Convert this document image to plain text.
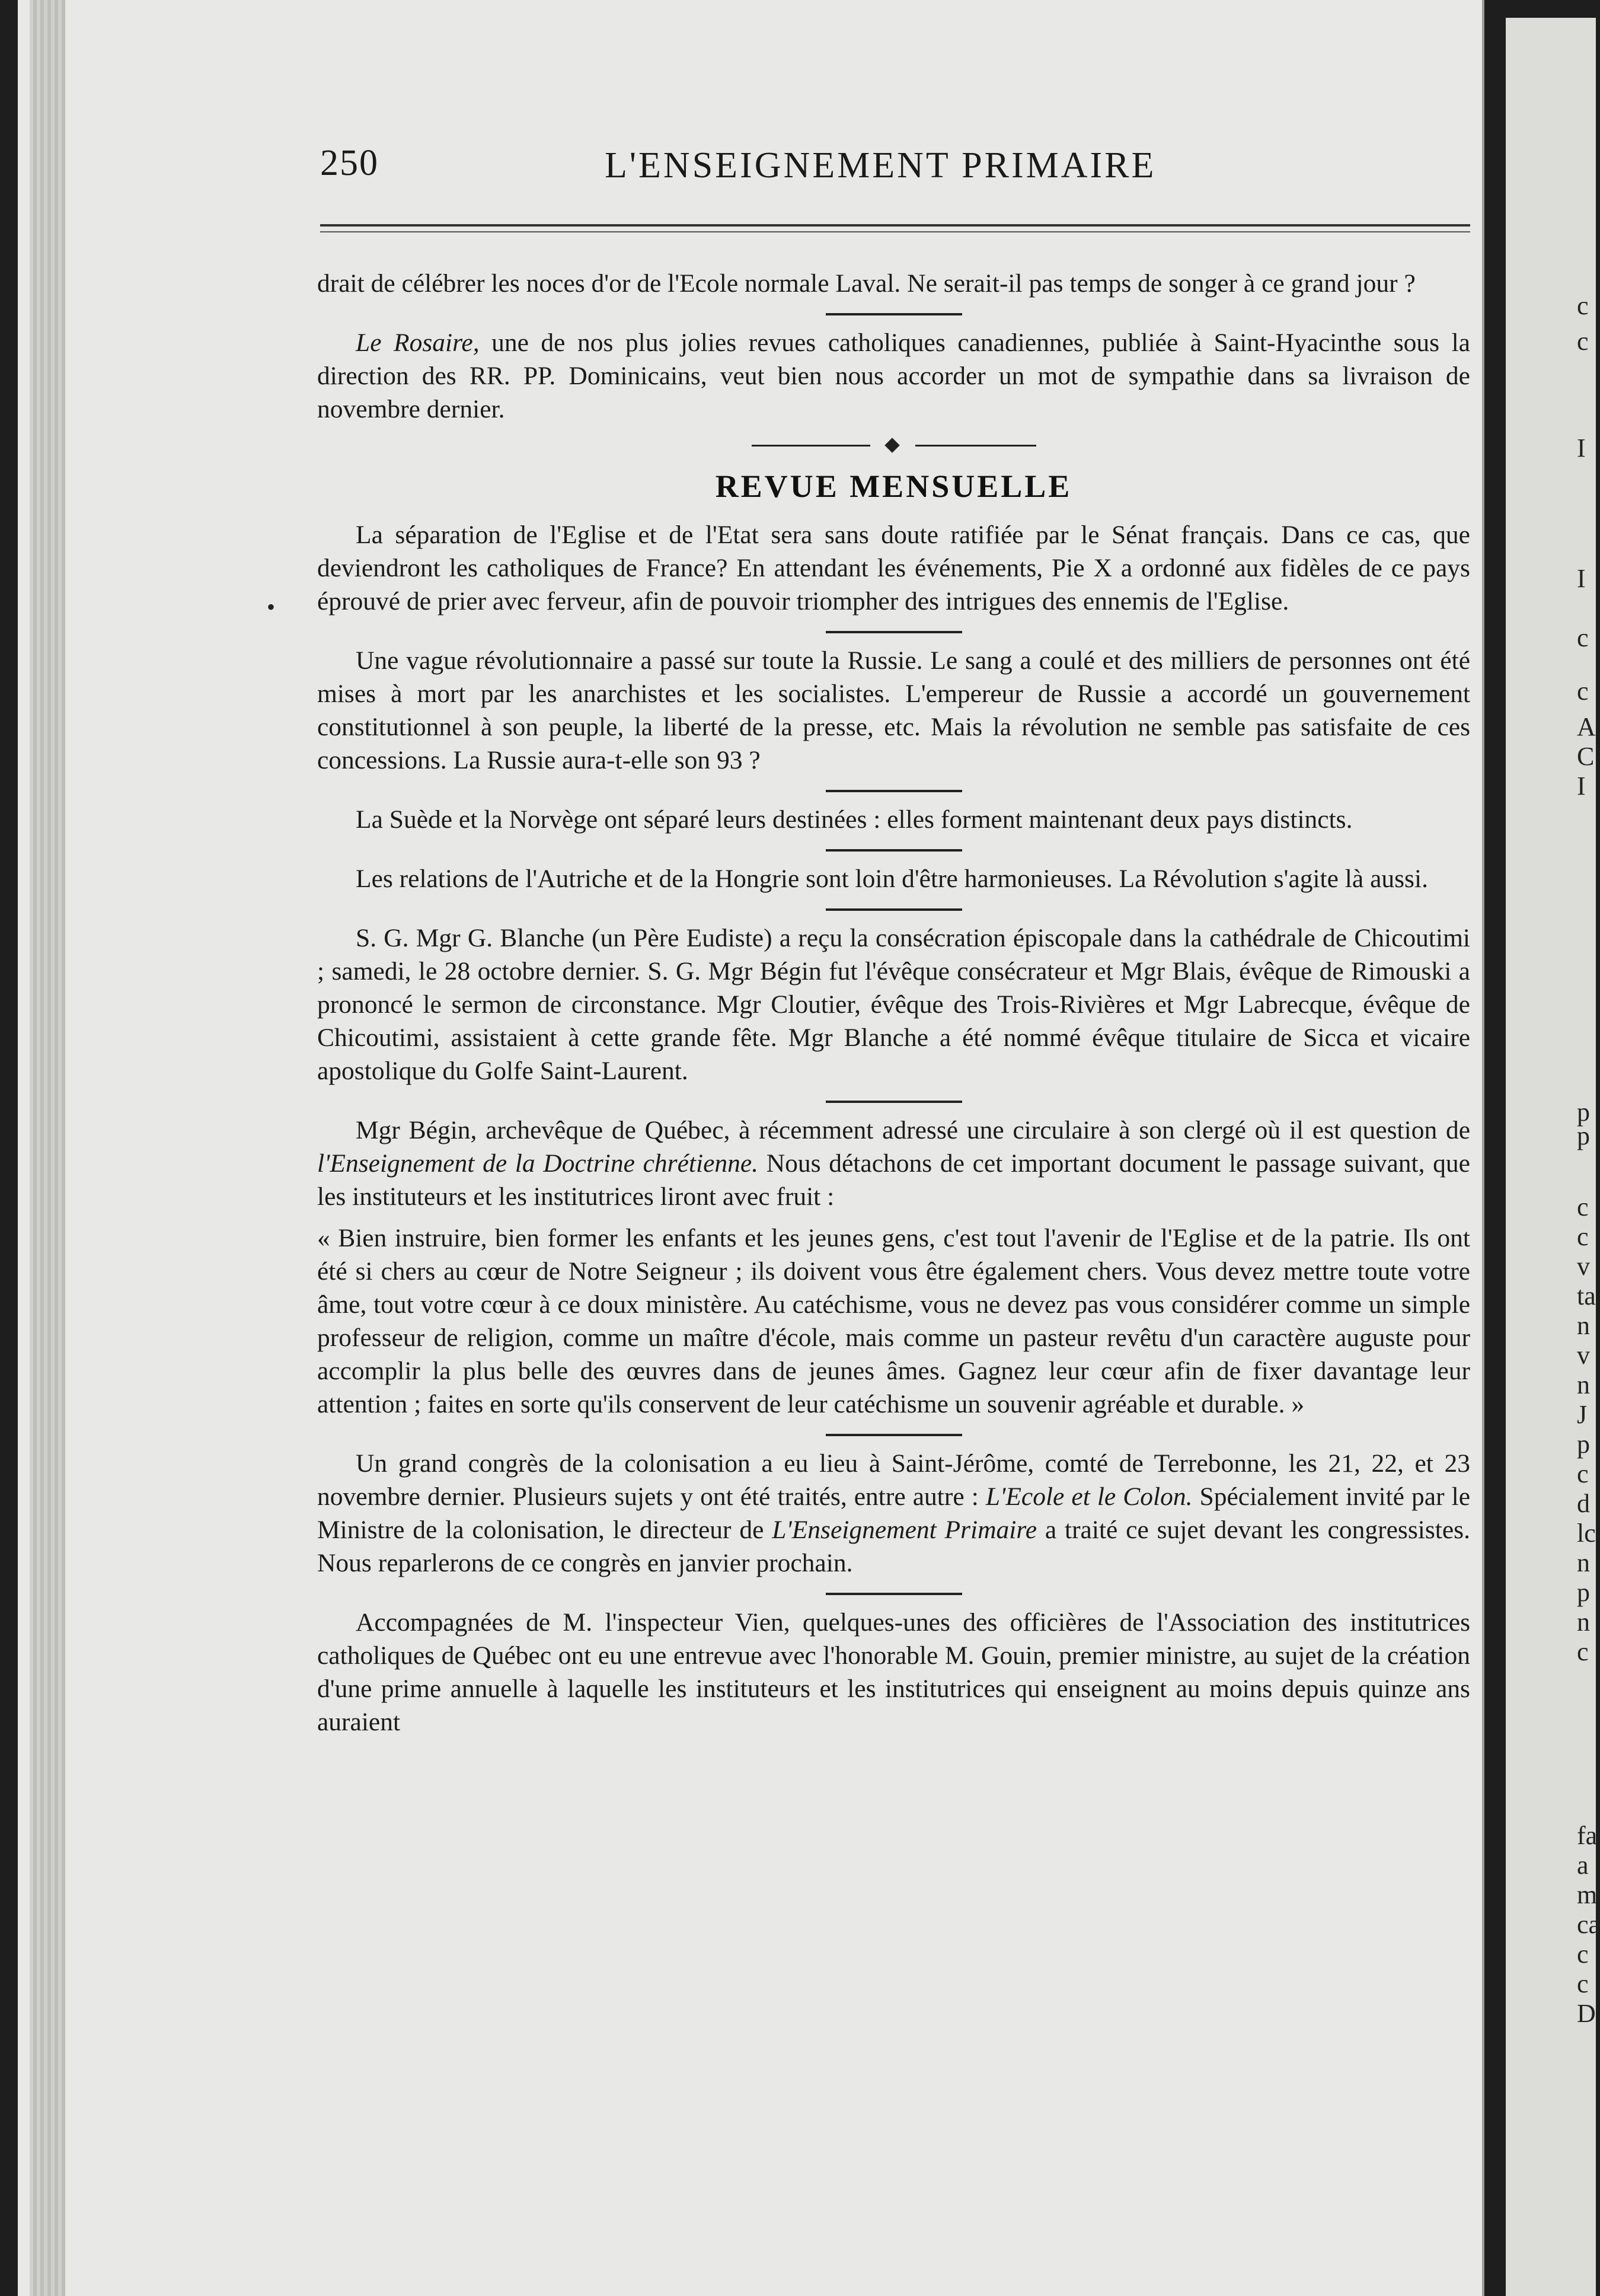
c
c
I
I
c
c
A
C
I
p
p
c
c
v
ta
n
v
n
J
p
c
d
lc
n
p
n
c
fa
a
m
ca
c
c
D
250	L'ENSEIGNEMENT PRIMAIRE
•

drait de célébrer les noces d'or de l'Ecole normale Laval. Ne serait-il pas temps de songer à ce grand jour ?

Le Rosaire, une de nos plus jolies revues catholiques canadiennes, publiée à Saint-Hyacinthe sous la direction des RR. PP. Dominicains, veut bien nous accorder un mot de sympathie dans sa livraison de novembre dernier.

REVUE MENSUELLE

La séparation de l'Eglise et de l'Etat sera sans doute ratifiée par le Sénat français. Dans ce cas, que deviendront les catholiques de France? En attendant les événements, Pie X a ordonné aux fidèles de ce pays éprouvé de prier avec ferveur, afin de pouvoir triompher des intrigues des ennemis de l'Eglise.

Une vague révolutionnaire a passé sur toute la Russie. Le sang a coulé et des milliers de personnes ont été mises à mort par les anarchistes et les socialistes. L'empereur de Russie a accordé un gouvernement constitutionnel à son peuple, la liberté de la presse, etc. Mais la révolution ne semble pas satisfaite de ces concessions. La Russie aura-t-elle son 93 ?

La Suède et la Norvège ont séparé leurs destinées : elles forment maintenant deux pays distincts.

Les relations de l'Autriche et de la Hongrie sont loin d'être harmonieuses. La Révolution s'agite là aussi.

S. G. Mgr G. Blanche (un Père Eudiste) a reçu la consécration épiscopale dans la cathédrale de Chicoutimi ; samedi, le 28 octobre dernier. S. G. Mgr Bégin fut l'évêque consécrateur et Mgr Blais, évêque de Rimouski a prononcé le sermon de circonstance. Mgr Cloutier, évêque des Trois-Rivières et Mgr Labrecque, évêque de Chicoutimi, assistaient à cette grande fête. Mgr Blanche a été nommé évêque titulaire de Sicca et vicaire apostolique du Golfe Saint-Laurent.

Mgr Bégin, archevêque de Québec, à récemment adressé une circulaire à son clergé où il est question de l'Enseignement de la Doctrine chrétienne. Nous détachons de cet important document le passage suivant, que les instituteurs et les institutrices liront avec fruit :

« Bien instruire, bien former les enfants et les jeunes gens, c'est tout l'avenir de l'Eglise et de la patrie. Ils ont été si chers au cœur de Notre Seigneur ; ils doivent vous être également chers. Vous devez mettre toute votre âme, tout votre cœur à ce doux ministère. Au catéchisme, vous ne devez pas vous considérer comme un simple professeur de religion, comme un maître d'école, mais comme un pasteur revêtu d'un caractère auguste pour accomplir la plus belle des œuvres dans de jeunes âmes. Gagnez leur cœur afin de fixer davantage leur attention ; faites en sorte qu'ils conservent de leur catéchisme un souvenir agréable et durable. »

Un grand congrès de la colonisation a eu lieu à Saint-Jérôme, comté de Terrebonne, les 21, 22, et 23 novembre dernier. Plusieurs sujets y ont été traités, entre autre : L'Ecole et le Colon. Spécialement invité par le Ministre de la colonisation, le directeur de L'Enseignement Primaire a traité ce sujet devant les congressistes. Nous reparlerons de ce congrès en janvier prochain.

Accompagnées de M. l'inspecteur Vien, quelques-unes des officières de l'Association des institutrices catholiques de Québec ont eu une entrevue avec l'honorable M. Gouin, premier ministre, au sujet de la création d'une prime annuelle à laquelle les instituteurs et les institutrices qui enseignent au moins depuis quinze ans auraient
